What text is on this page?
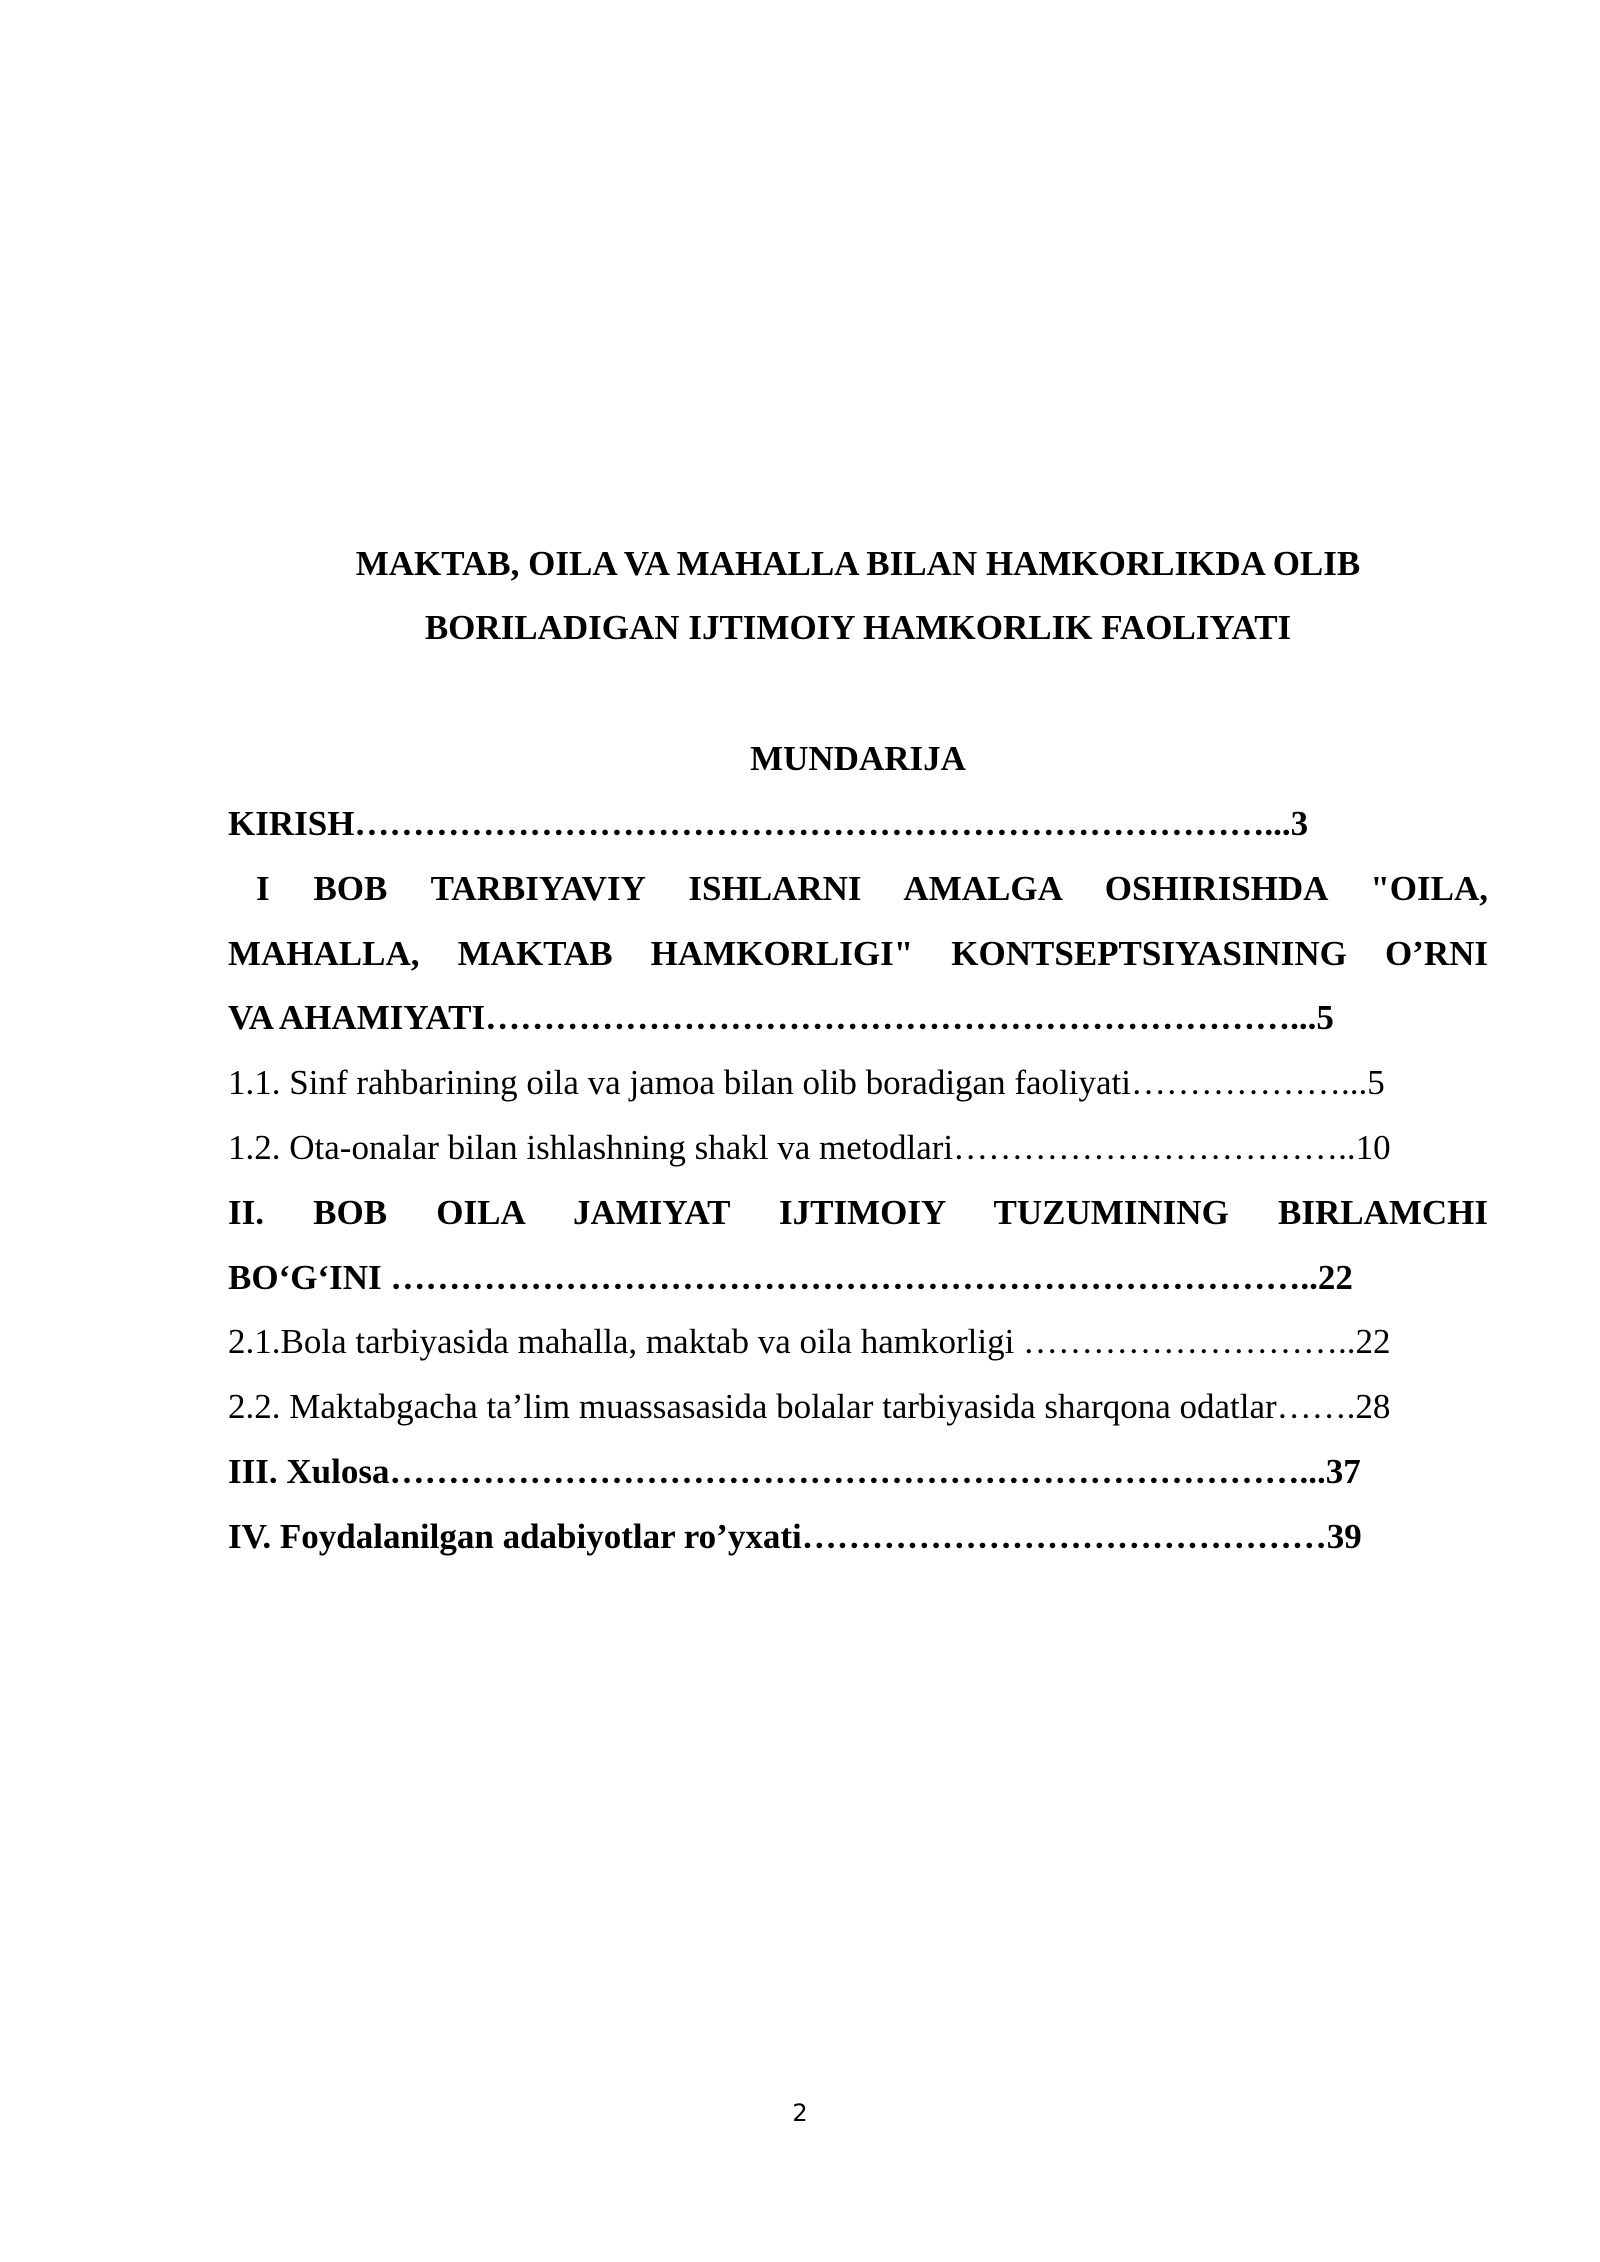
MAKTAB, OILA VA MAHALLA BILAN HAMKORLIKDA OLIB
BORILADIGAN IJTIMOIY HAMKORLIK FAOLIYATI
MUNDARIJA
KIRISH……………………………………………………………………...3
I BOB TARBIYAVIY ISHLARNI AMALGA OSHIRISHDA "OILA,
MAHALLA, MAKTAB HAMKORLIGI" KONTSEPTSIYASINING O’RNI
VA AHAMIYATI……………………………………………………………...5
1.1. Sinf rahbarining oila va jamoa bilan olib boradigan faoliyati………………...5
1.2. Ota-onalar bilan ishlashning shakl va metodlari……………………………..10
II. BOB OILA JAMIYAT IJTIMOIY TUZUMINING BIRLAMCHI
BO‘G‘INI ……………………………………………………………………..22
2.1.Bola tarbiyasida mahalla, maktab va oila hamkorligi ………………………..22
2.2. Maktabgacha ta’lim muassasasida bolalar tarbiyasida sharqona odatlar…….28
III. Xulosa……………………………………………………………………...37
IV. Foydalanilgan adabiyotlar ro’yxati………………………………………39
2
